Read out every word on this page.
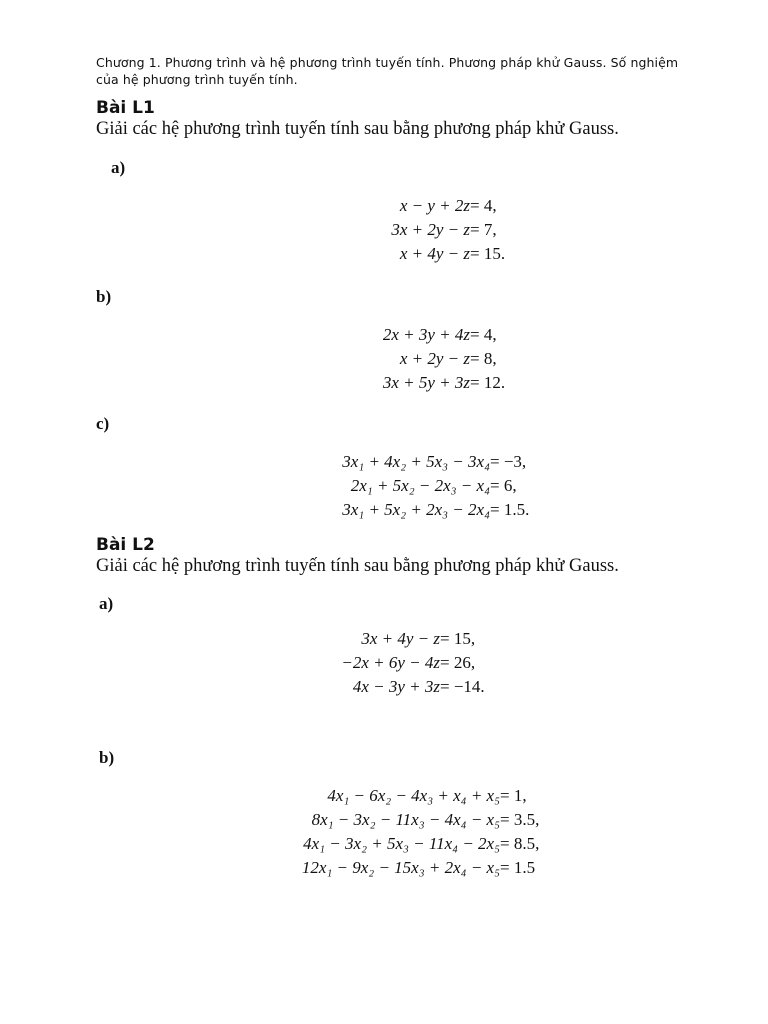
Chương 1. Phương trình và hệ phương trình tuyến tính. Phương pháp khử Gauss. Số nghiệm của hệ phương trình tuyến tính.
Bài L1
Giải các hệ phương trình tuyến tính sau bằng phương pháp khử Gauss.
a)
x − y + 2z = 4,
3x + 2y − z = 7,
x + 4y − z = 15.
b)
2x + 3y + 4z = 4,
x + 2y − z = 8,
3x + 5y + 3z = 12.
c)
3x₁ + 4x₂ + 5x₃ − 3x₄ = −3,
2x₁ + 5x₂ − 2x₃ − x₄ = 6,
3x₁ + 5x₂ + 2x₃ − 2x₄ = 1.5.
Bài L2
Giải các hệ phương trình tuyến tính sau bằng phương pháp khử Gauss.
a)
3x + 4y − z = 15,
−2x + 6y − 4z = 26,
4x − 3y + 3z = −14.
b)
4x₁ − 6x₂ − 4x₃ + x₄ + x₅ = 1,
8x₁ − 3x₂ − 11x₃ − 4x₄ − x₅ = 3.5,
4x₁ − 3x₂ + 5x₃ − 11x₄ − 2x₅ = 8.5,
12x₁ − 9x₂ − 15x₃ + 2x₄ − x₅ = 1.5
